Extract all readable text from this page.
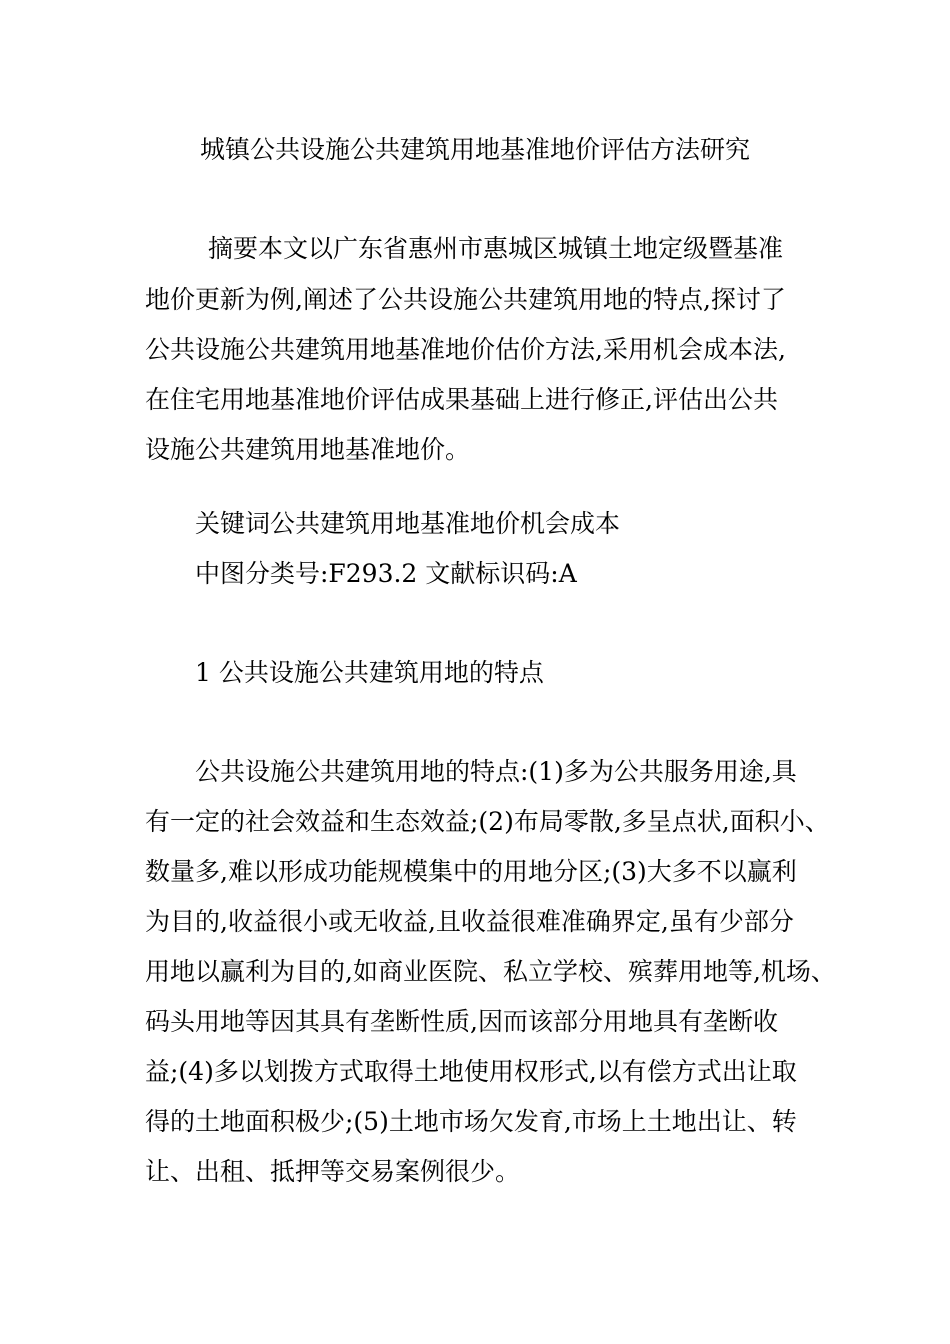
城镇公共设施公共建筑用地基准地价评估方法研究
摘要本文以广东省惠州市惠城区城镇土地定级暨基准
地价更新为例,阐述了公共设施公共建筑用地的特点,探讨了
公共设施公共建筑用地基准地价估价方法,采用机会成本法,
在住宅用地基准地价评估成果基础上进行修正,评估出公共
设施公共建筑用地基准地价。
关键词公共建筑用地基准地价机会成本
中图分类号:F293.2 文献标识码:A
1 公共设施公共建筑用地的特点
公共设施公共建筑用地的特点:(1)多为公共服务用途,具
有一定的社会效益和生态效益;(2)布局零散,多呈点状,面积小、
数量多,难以形成功能规模集中的用地分区;(3)大多不以赢利
为目的,收益很小或无收益,且收益很难准确界定,虽有少部分
用地以赢利为目的,如商业医院、私立学校、殡葬用地等,机场、
码头用地等因其具有垄断性质,因而该部分用地具有垄断收
益;(4)多以划拨方式取得土地使用权形式,以有偿方式出让取
得的土地面积极少;(5)土地市场欠发育,市场上土地出让、转
让、出租、抵押等交易案例很少。
